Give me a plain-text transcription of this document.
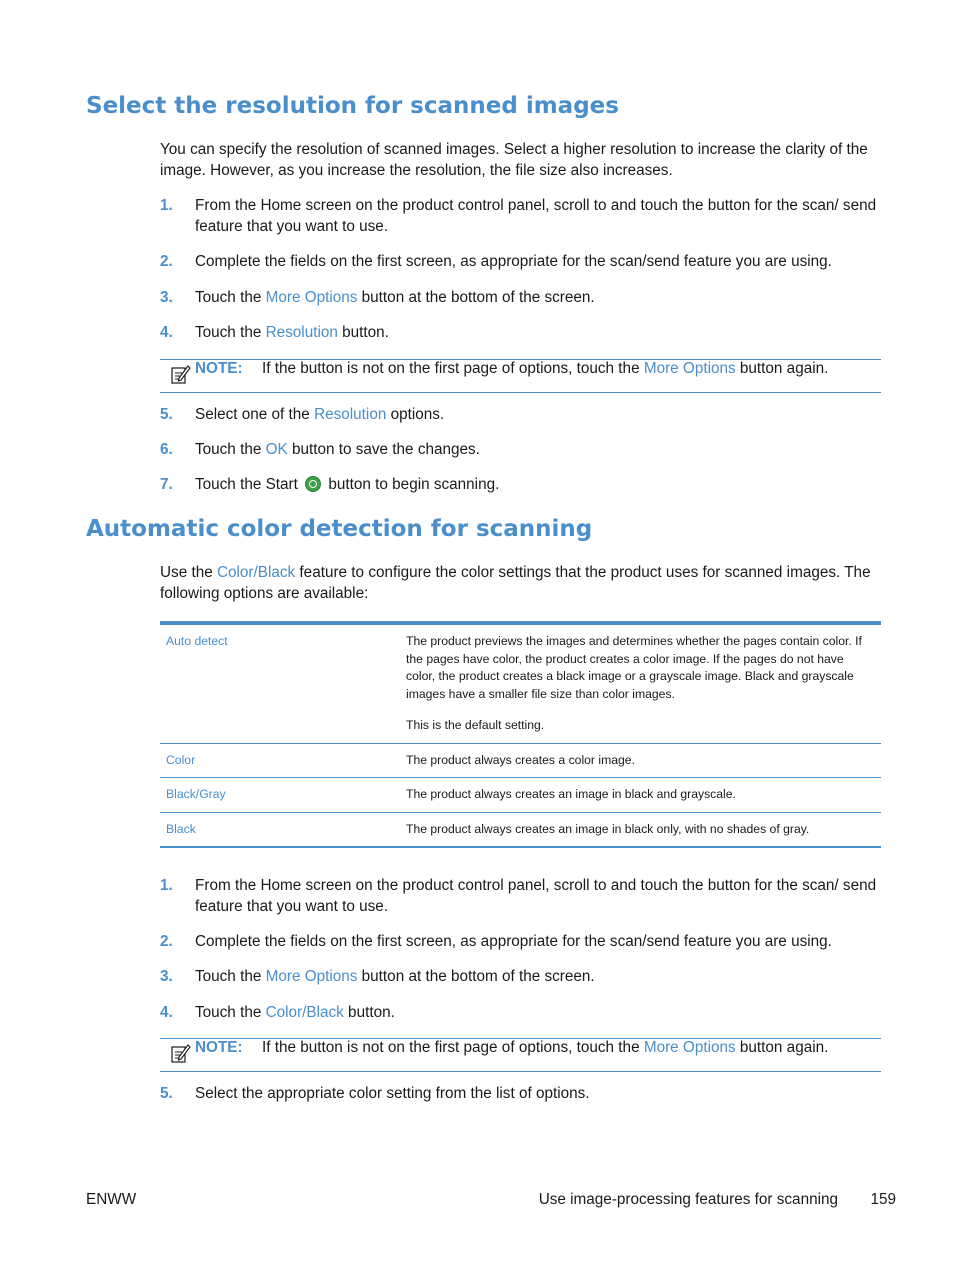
Select the resolution for scanned images

You can specify the resolution of scanned images. Select a higher resolution to increase the clarity of the image. However, as you increase the resolution, the file size also increases.

1.	From the Home screen on the product control panel, scroll to and touch the button for the scan/ send feature that you want to use.
2.	Complete the fields on the first screen, as appropriate for the scan/send feature you are using.
3.	Touch the More Options button at the bottom of the screen.
4.	Touch the Resolution button.
NOTE: If the button is not on the first page of options, touch the More Options button again.
5.	Select one of the Resolution options.
6.	Touch the OK button to save the changes.
7.	Touch the Start  button to begin scanning.
Automatic color detection for scanning

Use the Color/Black feature to configure the color settings that the product uses for scanned images. The following options are available:

Auto detect	The product previews the images and determines whether the pages contain color. If the pages have color, the product creates a color image. If the pages do not have color, the product creates a black image or a grayscale image. Black and grayscale images have a smaller file size than color images.

This is the default setting.

Color	The product always creates a color image.

Black/Gray	The product always creates an image in black and grayscale.

Black	The product always creates an image in black only, with no shades of gray.

1.	From the Home screen on the product control panel, scroll to and touch the button for the scan/ send feature that you want to use.
2.	Complete the fields on the first screen, as appropriate for the scan/send feature you are using.
3.	Touch the More Options button at the bottom of the screen.
4.	Touch the Color/Black button.
NOTE: If the button is not on the first page of options, touch the More Options button again.
5.	Select the appropriate color setting from the list of options.
ENWW	Use image-processing features for scanning 159
